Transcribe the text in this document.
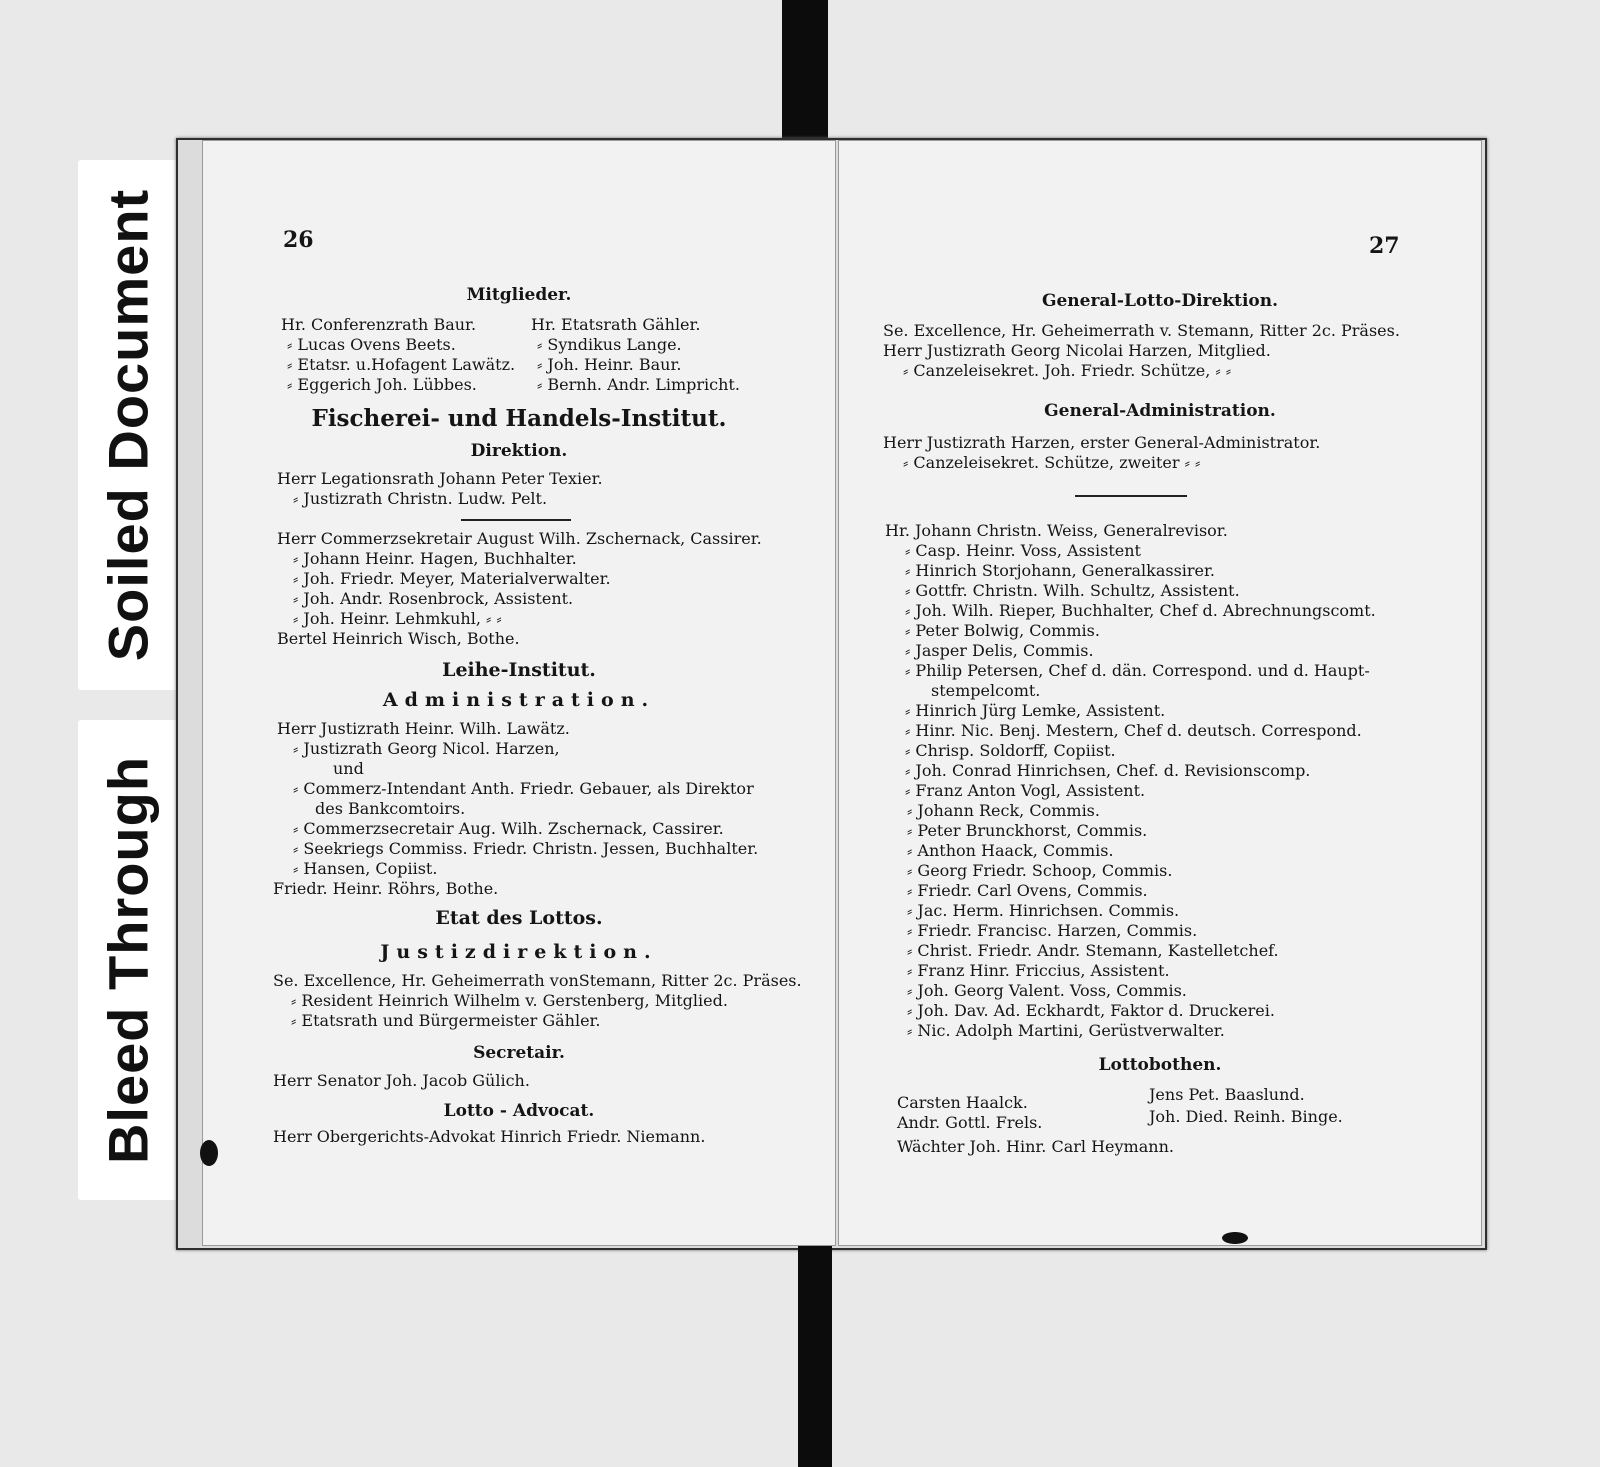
Soiled Document
Bleed Through
26
Mitglieder.
Hr. Conferenzrath Baur.
⸗ Lucas Ovens Beets.
⸗ Etatsr. u.Hofagent Lawätz.
⸗ Eggerich Joh. Lübbes.
Hr. Etatsrath Gähler.
⸗ Syndikus Lange.
⸗ Joh. Heinr. Baur.
⸗ Bernh. Andr. Limpricht.
Fischerei- und Handels-Institut.
Direktion.
Herr Legationsrath Johann Peter Texier.
⸗ Justizrath Christn. Ludw. Pelt.
Herr Commerzsekretair August Wilh. Zschernack, Cassirer.
⸗ Johann Heinr. Hagen, Buchhalter.
⸗ Joh. Friedr. Meyer, Materialverwalter.
⸗ Joh. Andr. Rosenbrock, Assistent.
⸗ Joh. Heinr. Lehmkuhl, ⸗ ⸗
Bertel Heinrich Wisch, Bothe.
Leihe-Institut.
Administration.
Herr Justizrath Heinr. Wilh. Lawätz.
⸗ Justizrath Georg Nicol. Harzen,
und
⸗ Commerz-Intendant Anth. Friedr. Gebauer, als Direktor
des Bankcomtoirs.
⸗ Commerzsecretair Aug. Wilh. Zschernack, Cassirer.
⸗ Seekriegs Commiss. Friedr. Christn. Jessen, Buchhalter.
⸗ Hansen, Copiist.
Friedr. Heinr. Röhrs, Bothe.
Etat des Lottos.
Justizdirektion.
Se. Excellence, Hr. Geheimerrath vonStemann, Ritter 2c. Präses.
⸗ Resident Heinrich Wilhelm v. Gerstenberg, Mitglied.
⸗ Etatsrath und Bürgermeister Gähler.
Secretair.
Herr Senator Joh. Jacob Gülich.
Lotto - Advocat.
Herr Obergerichts-Advokat Hinrich Friedr. Niemann.
27
General-Lotto-Direktion.
Se. Excellence, Hr. Geheimerrath v. Stemann, Ritter 2c. Präses.
Herr Justizrath Georg Nicolai Harzen, Mitglied.
⸗ Canzeleisekret. Joh. Friedr. Schütze, ⸗ ⸗
General-Administration.
Herr Justizrath Harzen, erster General-Administrator.
⸗ Canzeleisekret. Schütze, zweiter ⸗ ⸗
Hr. Johann Christn. Weiss, Generalrevisor.
⸗ Casp. Heinr. Voss, Assistent
⸗ Hinrich Storjohann, Generalkassirer.
⸗ Gottfr. Christn. Wilh. Schultz, Assistent.
⸗ Joh. Wilh. Rieper, Buchhalter, Chef d. Abrechnungscomt.
⸗ Peter Bolwig, Commis.
⸗ Jasper Delis, Commis.
⸗ Philip Petersen, Chef d. dän. Correspond. und d. Haupt-
stempelcomt.
⸗ Hinrich Jürg Lemke, Assistent.
⸗ Hinr. Nic. Benj. Mestern, Chef d. deutsch. Correspond.
⸗ Chrisp. Soldorff, Copiist.
⸗ Joh. Conrad Hinrichsen, Chef. d. Revisionscomp.
⸗ Franz Anton Vogl, Assistent.
⸗ Johann Reck, Commis.
⸗ Peter Brunckhorst, Commis.
⸗ Anthon Haack, Commis.
⸗ Georg Friedr. Schoop, Commis.
⸗ Friedr. Carl Ovens, Commis.
⸗ Jac. Herm. Hinrichsen. Commis.
⸗ Friedr. Francisc. Harzen, Commis.
⸗ Christ. Friedr. Andr. Stemann, Kastelletchef.
⸗ Franz Hinr. Friccius, Assistent.
⸗ Joh. Georg Valent. Voss, Commis.
⸗ Joh. Dav. Ad. Eckhardt, Faktor d. Druckerei.
⸗ Nic. Adolph Martini, Gerüstverwalter.
Lottobothen.
Carsten Haalck.
Andr. Gottl. Frels.
Jens Pet. Baaslund.
Joh. Died. Reinh. Binge.
Wächter Joh. Hinr. Carl Heymann.
